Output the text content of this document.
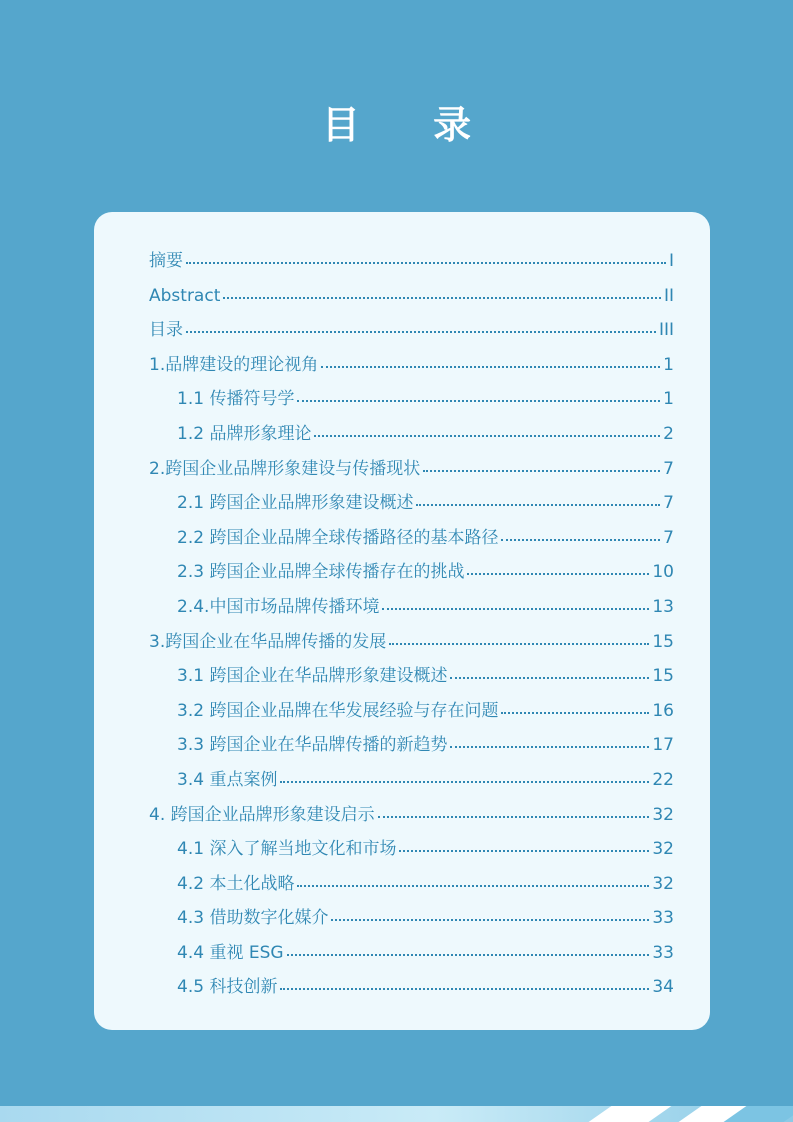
目 录
摘要	I
Abstract	II
目录	III
1.品牌建设的理论视角	1
1.1 传播符号学	1
1.2 品牌形象理论	2
2.跨国企业品牌形象建设与传播现状	7
2.1 跨国企业品牌形象建设概述	7
2.2 跨国企业品牌全球传播路径的基本路径	7
2.3 跨国企业品牌全球传播存在的挑战	10
2.4.中国市场品牌传播环境	13
3.跨国企业在华品牌传播的发展	15
3.1 跨国企业在华品牌形象建设概述	15
3.2 跨国企业品牌在华发展经验与存在问题	16
3.3 跨国企业在华品牌传播的新趋势	17
3.4 重点案例	22
4. 跨国企业品牌形象建设启示	32
4.1 深入了解当地文化和市场	32
4.2 本土化战略	32
4.3 借助数字化媒介	33
4.4 重视 ESG	33
4.5 科技创新	34
